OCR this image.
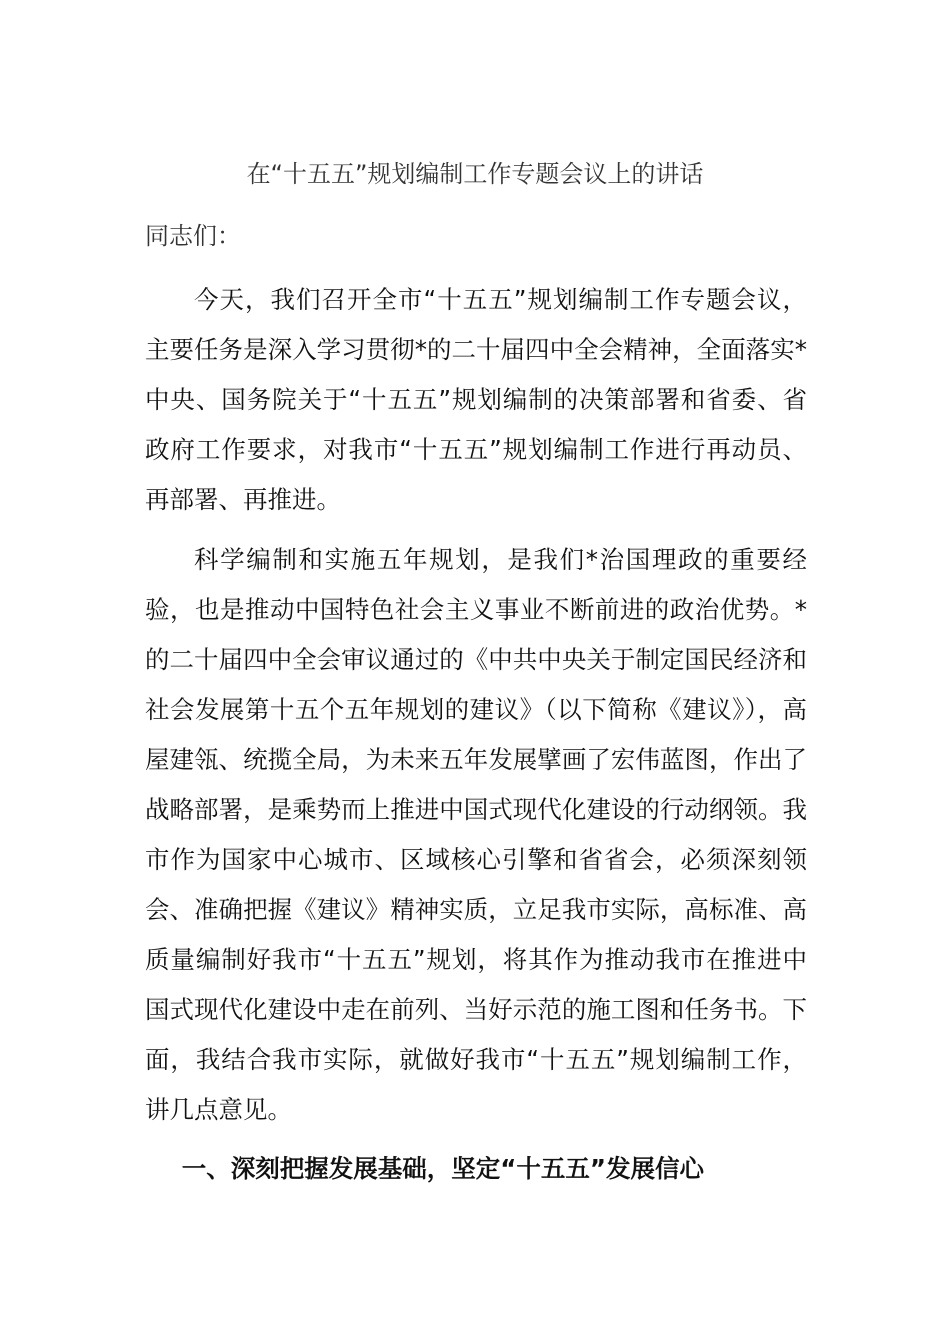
在“十五五”规划编制工作专题会议上的讲话

同志们：

今天，我们召开全市“十五五”规划编制工作专题会议，主要任务是深入学习贯彻*的二十届四中全会精神，全面落实*中央、国务院关于“十五五”规划编制的决策部署和省委、省政府工作要求，对我市“十五五”规划编制工作进行再动员、再部署、再推进。

科学编制和实施五年规划，是我们*治国理政的重要经验，也是推动中国特色社会主义事业不断前进的政治优势。*的二十届四中全会审议通过的《中共中央关于制定国民经济和社会发展第十五个五年规划的建议》（以下简称《建议》），高屋建瓴、统揽全局，为未来五年发展擘画了宏伟蓝图，作出了战略部署，是乘势而上推进中国式现代化建设的行动纲领。我市作为国家中心城市、区域核心引擎和省省会，必须深刻领会、准确把握《建议》精神实质，立足我市实际，高标准、高质量编制好我市“十五五”规划，将其作为推动我市在推进中国式现代化建设中走在前列、当好示范的施工图和任务书。下面，我结合我市实际，就做好我市“十五五”规划编制工作，讲几点意见。

一、深刻把握发展基础，坚定“十五五”发展信心
